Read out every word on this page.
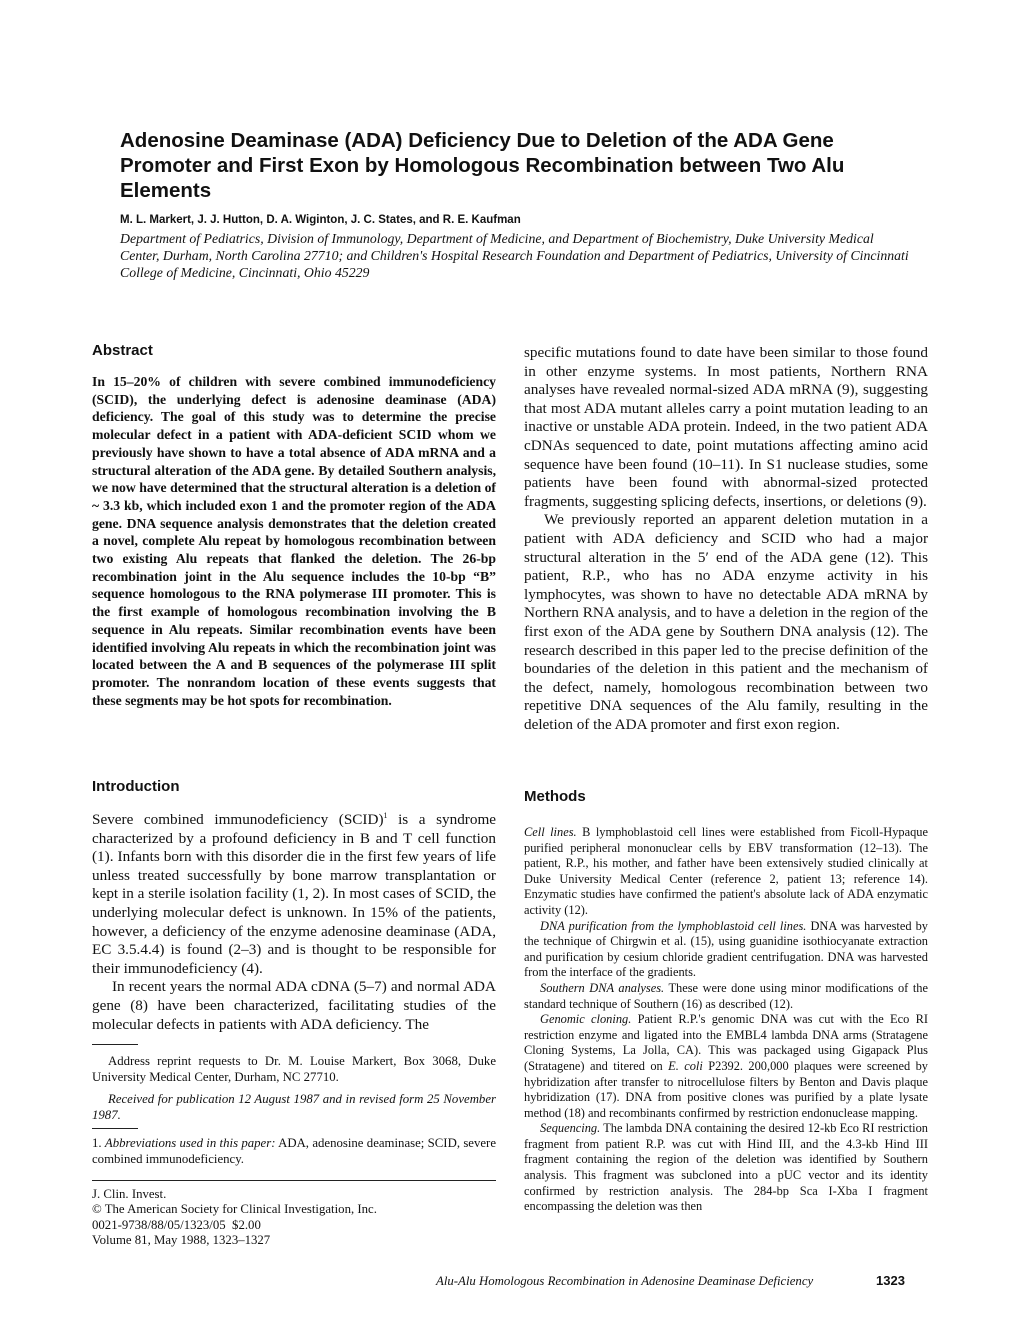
Adenosine Deaminase (ADA) Deficiency Due to Deletion of the ADA Gene Promoter and First Exon by Homologous Recombination between Two Alu Elements

M. L. Markert, J. J. Hutton, D. A. Wiginton, J. C. States, and R. E. Kaufman

Department of Pediatrics, Division of Immunology, Department of Medicine, and Department of Biochemistry, Duke University Medical Center, Durham, North Carolina 27710; and Children's Hospital Research Foundation and Department of Pediatrics, University of Cincinnati College of Medicine, Cincinnati, Ohio 45229

Abstract

In 15–20% of children with severe combined immunodeficiency (SCID), the underlying defect is adenosine deaminase (ADA) deficiency. The goal of this study was to determine the precise molecular defect in a patient with ADA-deficient SCID whom we previously have shown to have a total absence of ADA mRNA and a structural alteration of the ADA gene. By detailed Southern analysis, we now have determined that the structural alteration is a deletion of ~ 3.3 kb, which included exon 1 and the promoter region of the ADA gene. DNA sequence analysis demonstrates that the deletion created a novel, complete Alu repeat by homologous recombination between two existing Alu repeats that flanked the deletion. The 26-bp recombination joint in the Alu sequence includes the 10-bp “B” sequence homologous to the RNA polymerase III promoter. This is the first example of homologous recombination involving the B sequence in Alu repeats. Similar recombination events have been identified involving Alu repeats in which the recombination joint was located between the A and B sequences of the polymerase III split promoter. The nonrandom location of these events suggests that these segments may be hot spots for recombination.

Introduction

Severe combined immunodeficiency (SCID)$^1$ is a syndrome characterized by a profound deficiency in B and T cell function (1). Infants born with this disorder die in the first few years of life unless treated successfully by bone marrow transplantation or kept in a sterile isolation facility (1, 2). In most cases of SCID, the underlying molecular defect is unknown. In 15% of the patients, however, a deficiency of the enzyme adenosine deaminase (ADA, EC 3.5.4.4) is found (2–3) and is thought to be responsible for their immunodeficiency (4).

In recent years the normal ADA cDNA (5–7) and normal ADA gene (8) have been characterized, facilitating studies of the molecular defects in patients with ADA deficiency. The

Address reprint requests to Dr. M. Louise Markert, Box 3068, Duke University Medical Center, Durham, NC 27710.

Received for publication 12 August 1987 and in revised form 25 November 1987.

1. Abbreviations used in this paper: ADA, adenosine deaminase; SCID, severe combined immunodeficiency.

J. Clin. Invest.

© The American Society for Clinical Investigation, Inc.

0021-9738/88/05/1323/05  $2.00

Volume 81, May 1988, 1323–1327

specific mutations found to date have been similar to those found in other enzyme systems. In most patients, Northern RNA analyses have revealed normal-sized ADA mRNA (9), suggesting that most ADA mutant alleles carry a point mutation leading to an inactive or unstable ADA protein. Indeed, in the two patient ADA cDNAs sequenced to date, point mutations affecting amino acid sequence have been found (10–11). In S1 nuclease studies, some patients have been found with abnormal-sized protected fragments, suggesting splicing defects, insertions, or deletions (9).

We previously reported an apparent deletion mutation in a patient with ADA deficiency and SCID who had a major structural alteration in the 5′ end of the ADA gene (12). This patient, R.P., who has no ADA enzyme activity in his lymphocytes, was shown to have no detectable ADA mRNA by Northern RNA analysis, and to have a deletion in the region of the first exon of the ADA gene by Southern DNA analysis (12). The research described in this paper led to the precise definition of the boundaries of the deletion in this patient and the mechanism of the defect, namely, homologous recombination between two repetitive DNA sequences of the Alu family, resulting in the deletion of the ADA promoter and first exon region.

Methods

Cell lines. B lymphoblastoid cell lines were established from Ficoll-Hypaque purified peripheral mononuclear cells by EBV transformation (12–13). The patient, R.P., his mother, and father have been extensively studied clinically at Duke University Medical Center (reference 2, patient 13; reference 14). Enzymatic studies have confirmed the patient's absolute lack of ADA enzymatic activity (12).

DNA purification from the lymphoblastoid cell lines. DNA was harvested by the technique of Chirgwin et al. (15), using guanidine isothiocyanate extraction and purification by cesium chloride gradient centrifugation. DNA was harvested from the interface of the gradients.

Southern DNA analyses. These were done using minor modifications of the standard technique of Southern (16) as described (12).

Genomic cloning. Patient R.P.'s genomic DNA was cut with the Eco RI restriction enzyme and ligated into the EMBL4 lambda DNA arms (Stratagene Cloning Systems, La Jolla, CA). This was packaged using Gigapack Plus (Stratagene) and titered on E. coli P2392. 200,000 plaques were screened by hybridization after transfer to nitrocellulose filters by Benton and Davis plaque hybridization (17). DNA from positive clones was purified by a plate lysate method (18) and recombinants confirmed by restriction endonuclease mapping.

Sequencing. The lambda DNA containing the desired 12-kb Eco RI restriction fragment from patient R.P. was cut with Hind III, and the 4.3-kb Hind III fragment containing the region of the deletion was identified by Southern analysis. This fragment was subcloned into a pUC vector and its identity confirmed by restriction analysis. The 284-bp Sca I-Xba I fragment encompassing the deletion was then

Alu-Alu Homologous Recombination in Adenosine Deaminase Deficiency	1323
